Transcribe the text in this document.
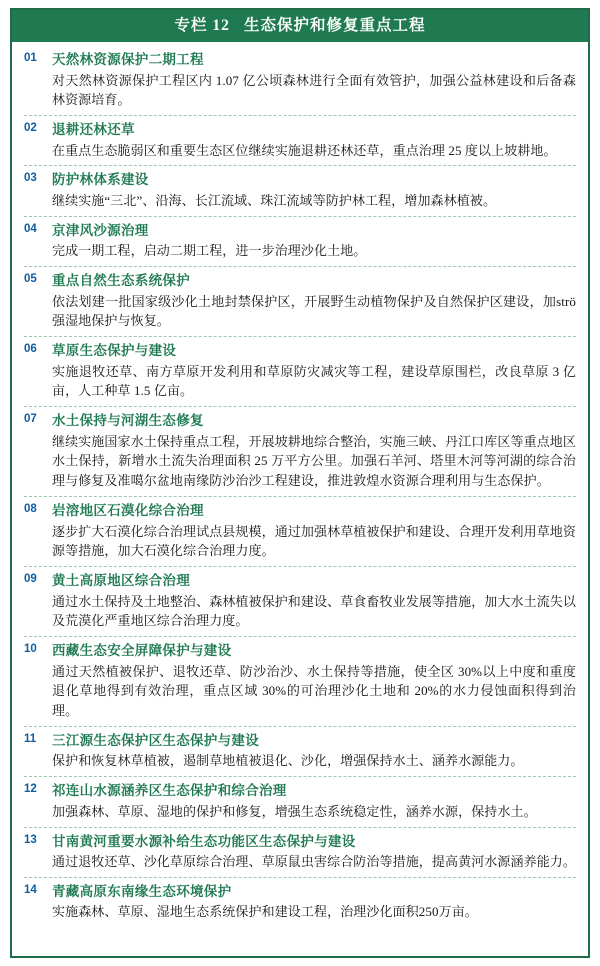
专栏 12 生态保护和修复重点工程
01	天然林资源保护二期工程
对天然林资源保护工程区内 1.07 亿公顷森林进行全面有效管护，加强公益林建设和后备森林资源培育。
02	退耕还林还草
在重点生态脆弱区和重要生态区位继续实施退耕还林还草，重点治理 25 度以上坡耕地。
03	防护林体系建设
继续实施“三北”、沿海、长江流域、珠江流域等防护林工程，增加森林植被。
04	京津风沙源治理
完成一期工程，启动二期工程，进一步治理沙化土地。
05	重点自然生态系统保护
依法划建一批国家级沙化土地封禁保护区，开展野生动植物保护及自然保护区建设，加strö强湿地保护与恢复。
06	草原生态保护与建设
实施退牧还草、南方草原开发利用和草原防灾减灾等工程，建设草原围栏，改良草原 3 亿亩，人工种草 1.5 亿亩。
07	水土保持与河湖生态修复
继续实施国家水土保持重点工程，开展坡耕地综合整治，实施三峡、丹江口库区等重点地区水土保持，新增水土流失治理面积 25 万平方公里。加强石羊河、塔里木河等河湖的综合治理与修复及准噶尔盆地南缘防沙治沙工程建设，推进敦煌水资源合理利用与生态保护。
08	岩溶地区石漠化综合治理
逐步扩大石漠化综合治理试点县规模，通过加强林草植被保护和建设、合理开发利用草地资源等措施，加大石漠化综合治理力度。
09	黄土高原地区综合治理
通过水土保持及土地整治、森林植被保护和建设、草食畜牧业发展等措施，加大水土流失以及荒漠化严重地区综合治理力度。
10	西藏生态安全屏障保护与建设
通过天然植被保护、退牧还草、防沙治沙、水土保持等措施，使全区 30%以上中度和重度退化草地得到有效治理，重点区域 30%的可治理沙化土地和 20%的水力侵蚀面积得到治理。
11	三江源生态保护区生态保护与建设
保护和恢复林草植被，遏制草地植被退化、沙化，增强保持水土、涵养水源能力。
12	祁连山水源涵养区生态保护和综合治理
加强森林、草原、湿地的保护和修复，增强生态系统稳定性，涵养水源，保持水土。
13	甘南黄河重要水源补给生态功能区生态保护与建设
通过退牧还草、沙化草原综合治理、草原鼠虫害综合防治等措施，提高黄河水源涵养能力。
14	青藏高原东南缘生态环境保护
实施森林、草原、湿地生态系统保护和建设工程，治理沙化面积250万亩。
